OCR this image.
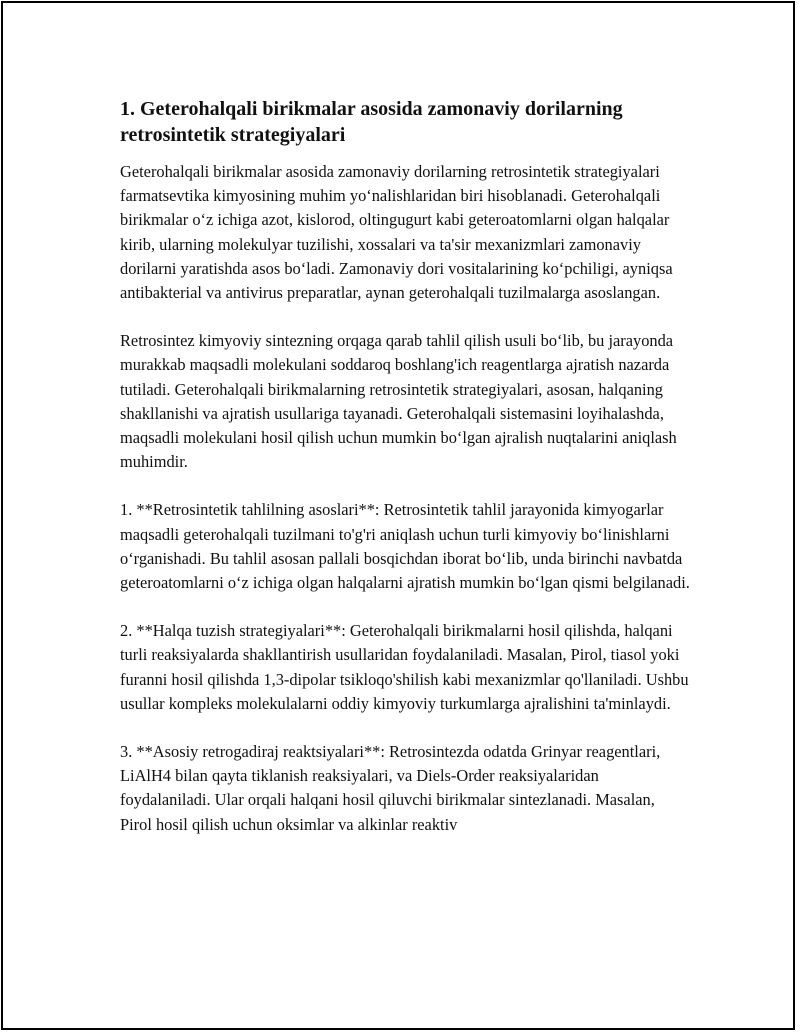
1. Geterohalqali birikmalar asosida zamonaviy dorilarning retrosintetik strategiyalari

Geterohalqali birikmalar asosida zamonaviy dorilarning retrosintetik strategiyalari farmatsevtika kimyosining muhim yo‘nalishlaridan biri hisoblanadi. Geterohalqali birikmalar o‘z ichiga azot, kislorod, oltingugurt kabi geteroatomlarni olgan halqalar kirib, ularning molekulyar tuzilishi, xossalari va ta'sir mexanizmlari zamonaviy dorilarni yaratishda asos bo‘ladi. Zamonaviy dori vositalarining ko‘pchiligi, ayniqsa antibakterial va antivirus preparatlar, aynan geterohalqali tuzilmalarga asoslangan.

Retrosintez kimyoviy sintezning orqaga qarab tahlil qilish usuli bo‘lib, bu jarayonda murakkab maqsadli molekulani soddaroq boshlang'ich reagentlarga ajratish nazarda tutiladi. Geterohalqali birikmalarning retrosintetik strategiyalari, asosan, halqaning shakllanishi va ajratish usullariga tayanadi. Geterohalqali sistemasini loyihalashda, maqsadli molekulani hosil qilish uchun mumkin bo‘lgan ajralish nuqtalarini aniqlash muhimdir.

1. **Retrosintetik tahlilning asoslari**: Retrosintetik tahlil jarayonida kimyogarlar maqsadli geterohalqali tuzilmani to'g'ri aniqlash uchun turli kimyoviy bo‘linishlarni o‘rganishadi. Bu tahlil asosan pallali bosqichdan iborat bo‘lib, unda birinchi navbatda geteroatomlarni o‘z ichiga olgan halqalarni ajratish mumkin bo‘lgan qismi belgilanadi.

2. **Halqa tuzish strategiyalari**: Geterohalqali birikmalarni hosil qilishda, halqani turli reaksiyalarda shakllantirish usullaridan foydalaniladi. Masalan, Pirol, tiasol yoki furanni hosil qilishda 1,3-dipolar tsikloqo'shilish kabi mexanizmlar qo'llaniladi. Ushbu usullar kompleks molekulalarni oddiy kimyoviy turkumlarga ajralishini ta'minlaydi.

3. **Asosiy retrogadiraj reaktsiyalari**: Retrosintezda odatda Grinyar reagentlari, LiAlH4 bilan qayta tiklanish reaksiyalari, va Diels-Order reaksiyalaridan foydalaniladi. Ular orqali halqani hosil qiluvchi birikmalar sintezlanadi. Masalan, Pirol hosil qilish uchun oksimlar va alkinlar reaktiv
